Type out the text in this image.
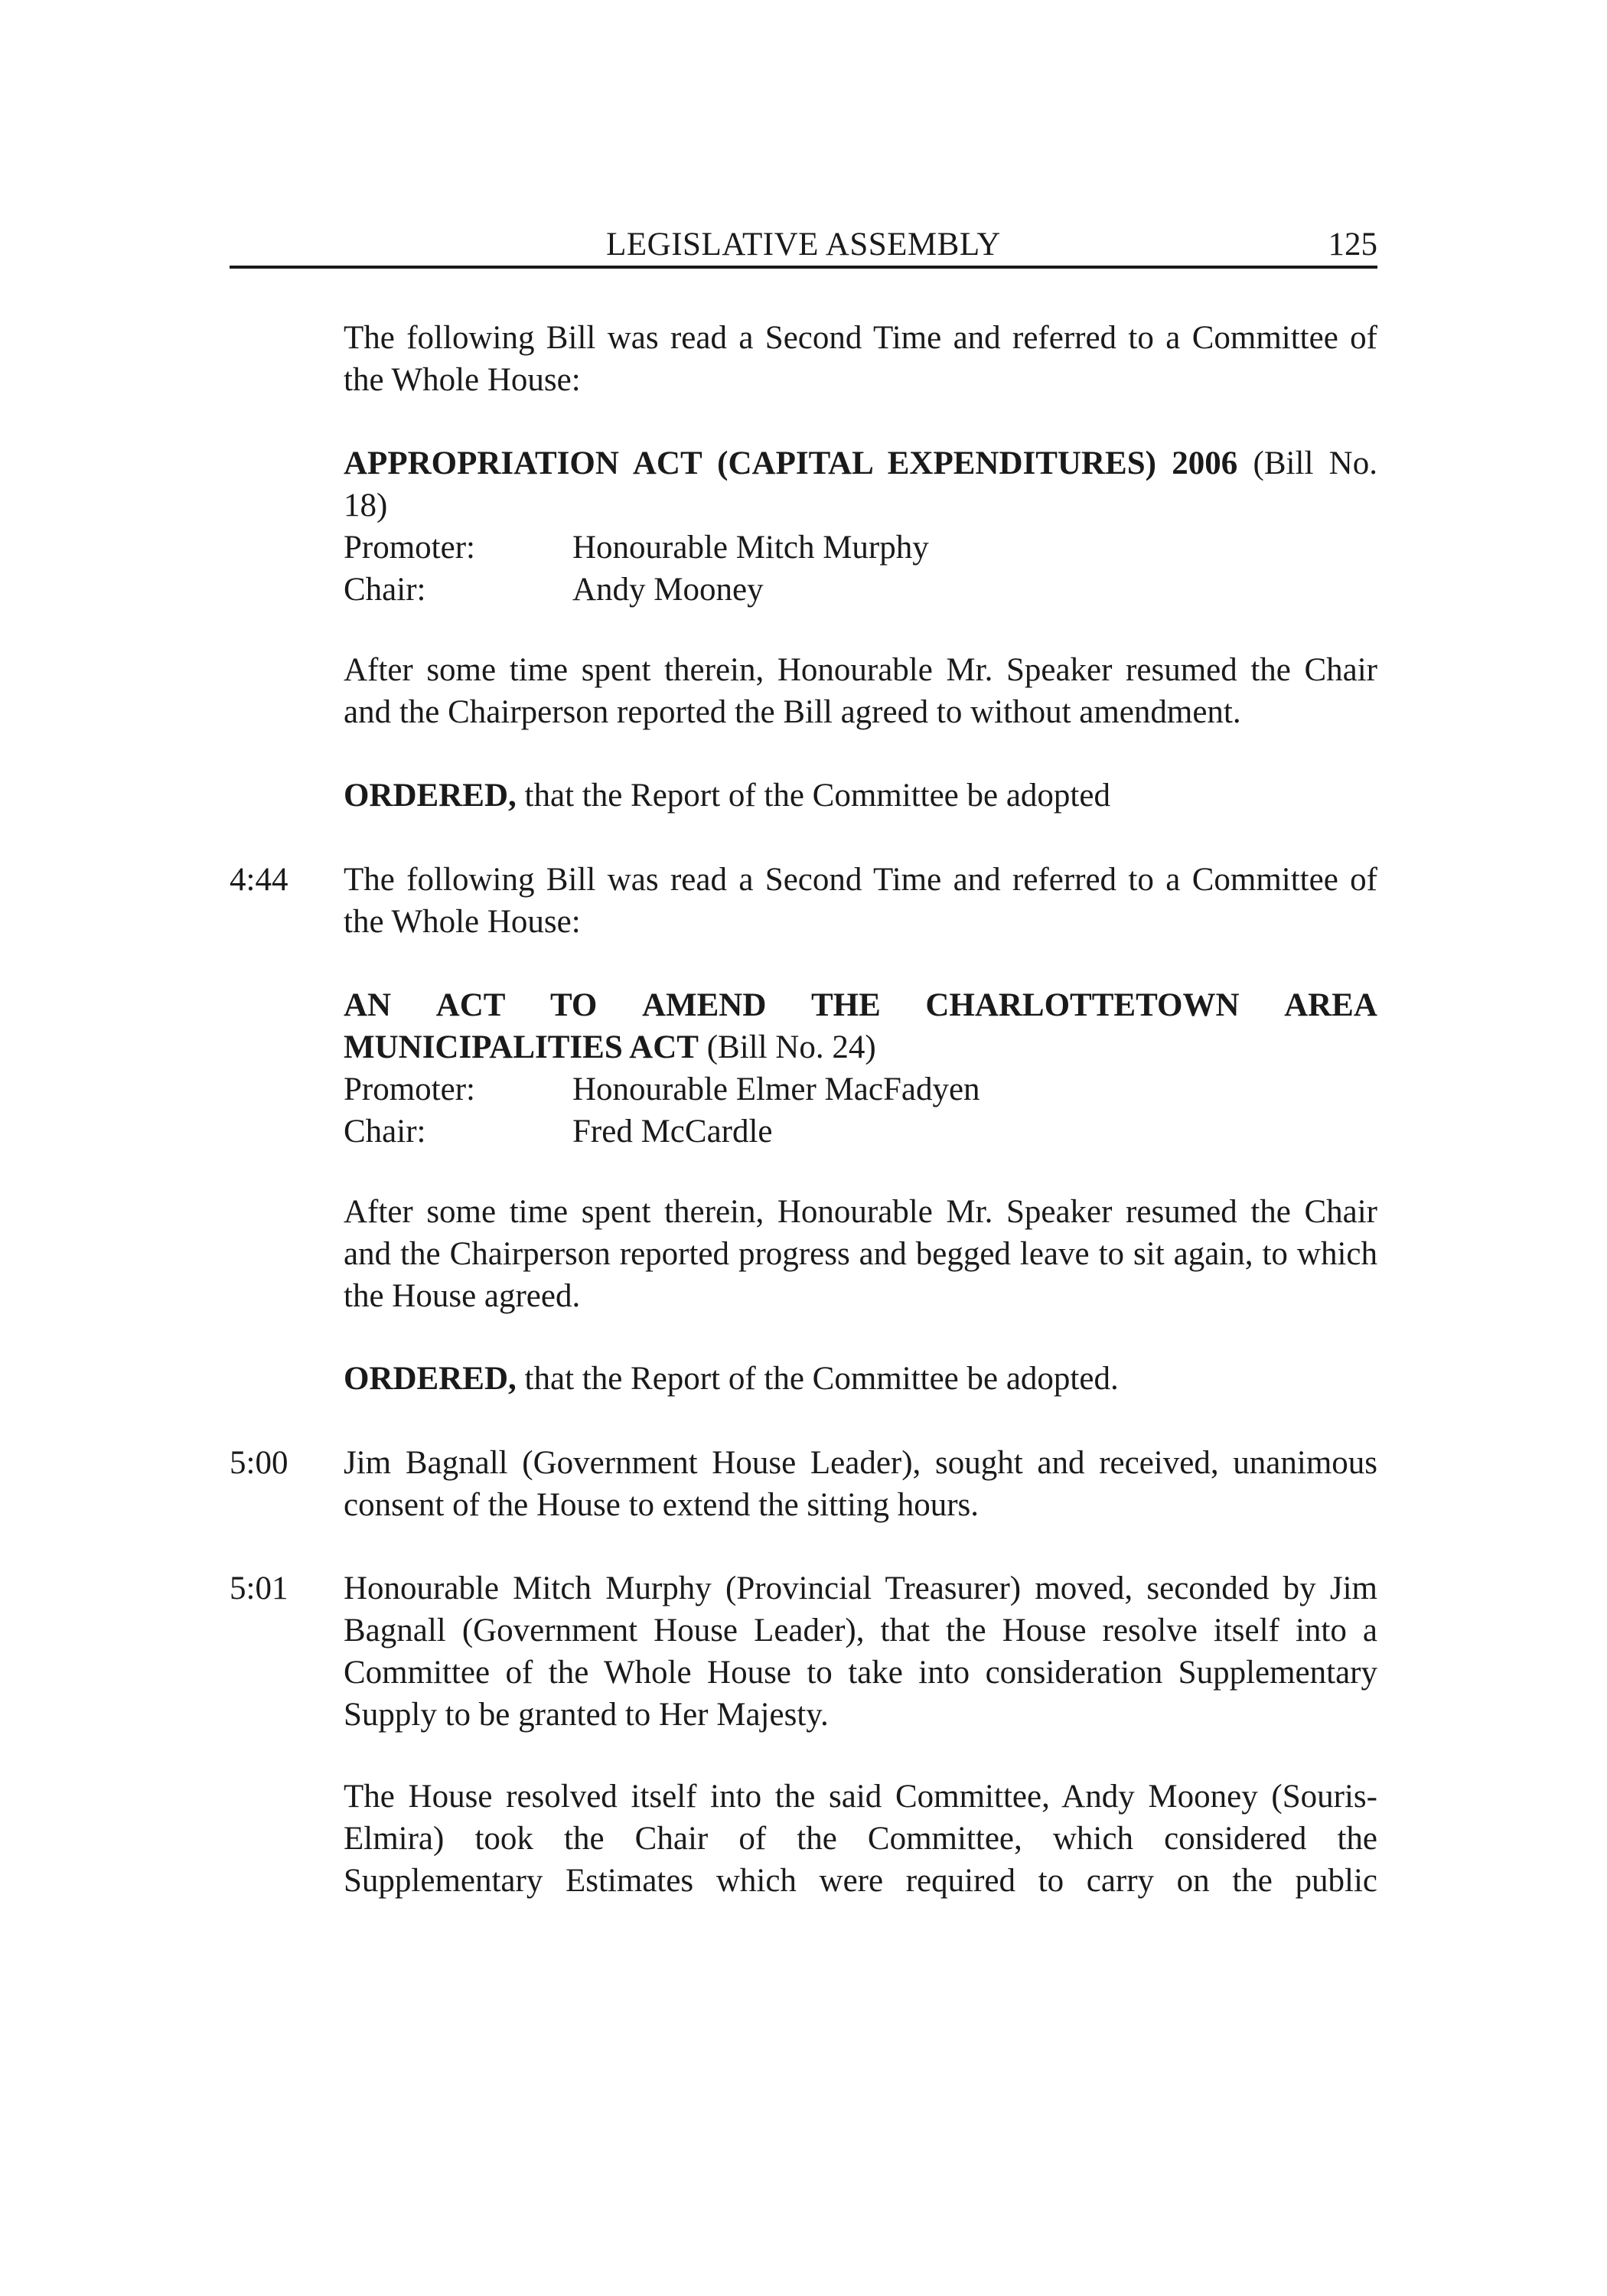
LEGISLATIVE ASSEMBLY	125
The following Bill was read a Second Time and referred to a Committee of the Whole House:
APPROPRIATION ACT (CAPITAL EXPENDITURES) 2006 (Bill No. 18)
Promoter:	Honourable Mitch Murphy
Chair:	Andy Mooney
After some time spent therein, Honourable Mr. Speaker resumed the Chair and the Chairperson reported the Bill agreed to without amendment.
ORDERED, that the Report of the Committee be adopted
4:44 The following Bill was read a Second Time and referred to a Committee of the Whole House:
AN ACT TO AMEND THE CHARLOTTETOWN AREA
MUNICIPALITIES ACT (Bill No. 24)
Promoter:	Honourable Elmer MacFadyen
Chair:	Fred McCardle
After some time spent therein, Honourable Mr. Speaker resumed the Chair and the Chairperson reported progress and begged leave to sit again, to which the House agreed.
ORDERED, that the Report of the Committee be adopted.
5:00 Jim Bagnall (Government House Leader), sought and received, unanimous consent of the House to extend the sitting hours.
5:01 Honourable Mitch Murphy (Provincial Treasurer) moved, seconded by Jim Bagnall (Government House Leader), that the House resolve itself into a Committee of the Whole House to take into consideration Supplementary Supply to be granted to Her Majesty.
The House resolved itself into the said Committee, Andy Mooney (Souris-Elmira) took the Chair of the Committee, which considered the Supplementary Estimates which were required to carry on the public
